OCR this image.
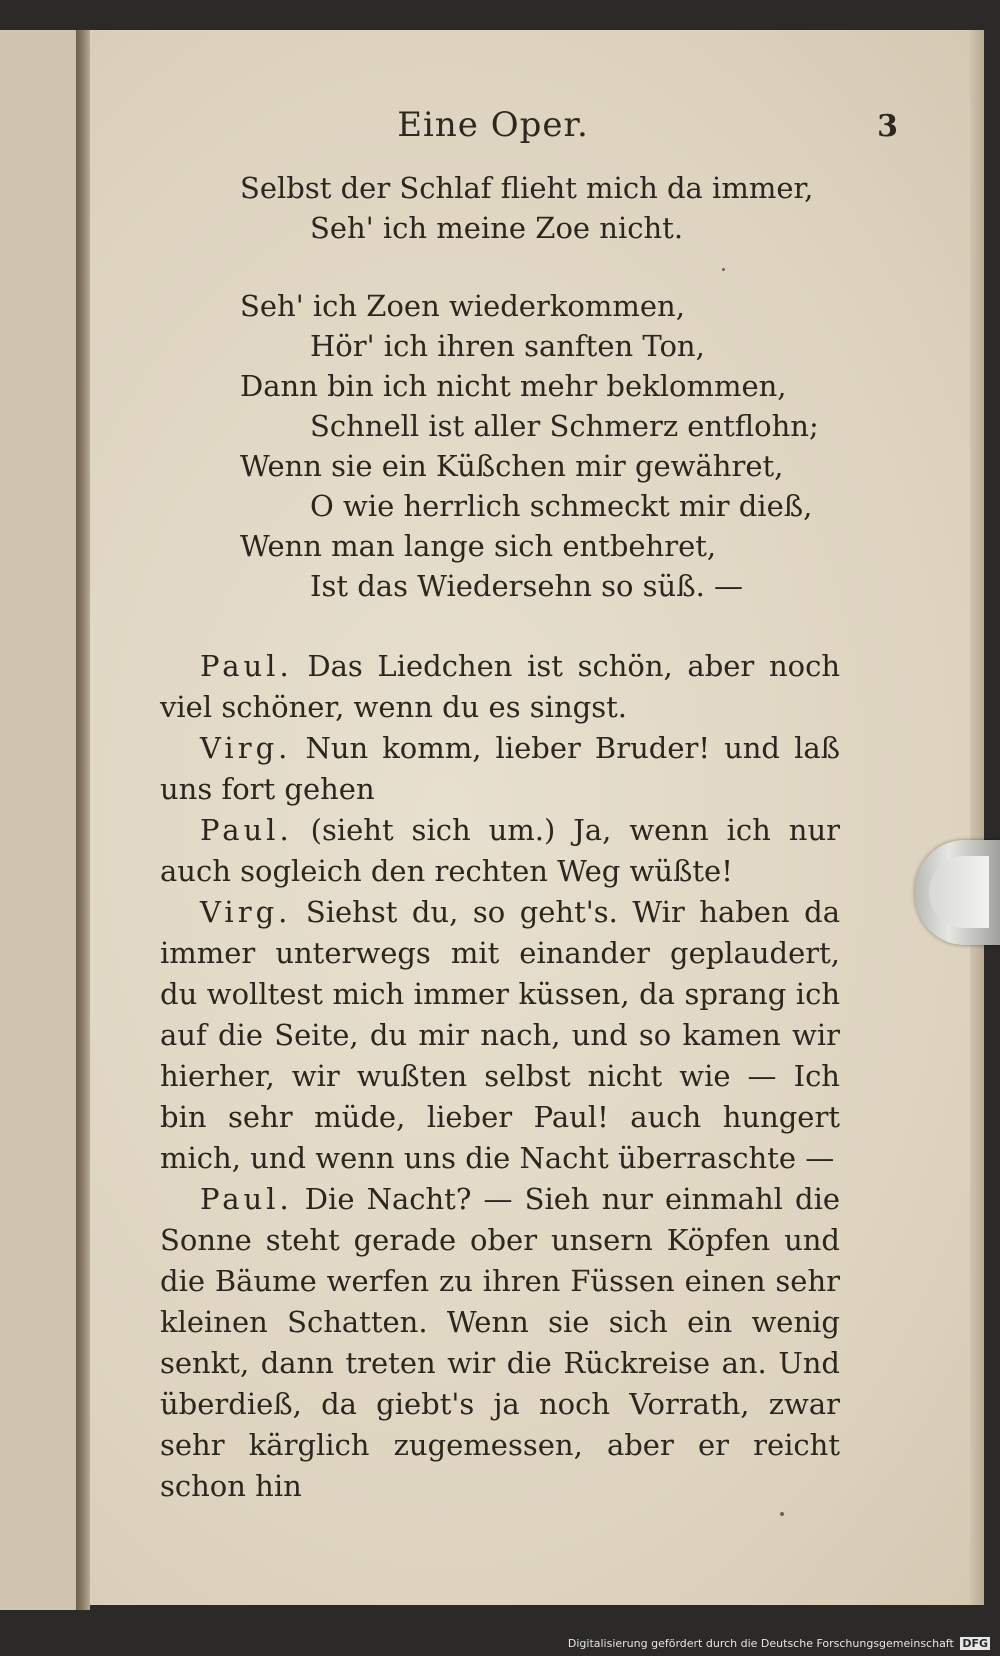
Eine Oper.	3
Selbst der Schlaf flieht mich da immer,
Seh' ich meine Zoe nicht.
Seh' ich Zoen wiederkommen,
Hör' ich ihren sanften Ton,
Dann bin ich nicht mehr beklommen,
Schnell ist aller Schmerz entflohn;
Wenn sie ein Küßchen mir gewähret,
O wie herrlich schmeckt mir dieß,
Wenn man lange sich entbehret,
Ist das Wiedersehn so süß. —

Paul. Das Liedchen ist schön, aber noch viel schöner, wenn du es singst.

Virg. Nun komm, lieber Bruder! und laß uns fort gehen

Paul. (sieht sich um.) Ja, wenn ich nur auch sogleich den rechten Weg wüßte!

Virg. Siehst du, so geht's. Wir haben da immer unterwegs mit einander geplaudert, du wolltest mich immer küssen, da sprang ich auf die Seite, du mir nach, und so kamen wir hierher, wir wußten selbst nicht wie — Ich bin sehr müde, lieber Paul! auch hungert mich, und wenn uns die Nacht überraschte —

Paul. Die Nacht? — Sieh nur einmahl die Sonne steht gerade ober unsern Köpfen und die Bäume werfen zu ihren Füssen einen sehr kleinen Schatten. Wenn sie sich ein wenig senkt, dann treten wir die Rückreise an. Und überdieß, da giebt's ja noch Vorrath, zwar sehr kärglich zugemessen, aber er reicht schon hin

Digitalisierung gefördert durch die Deutsche Forschungsgemeinschaft DFG
